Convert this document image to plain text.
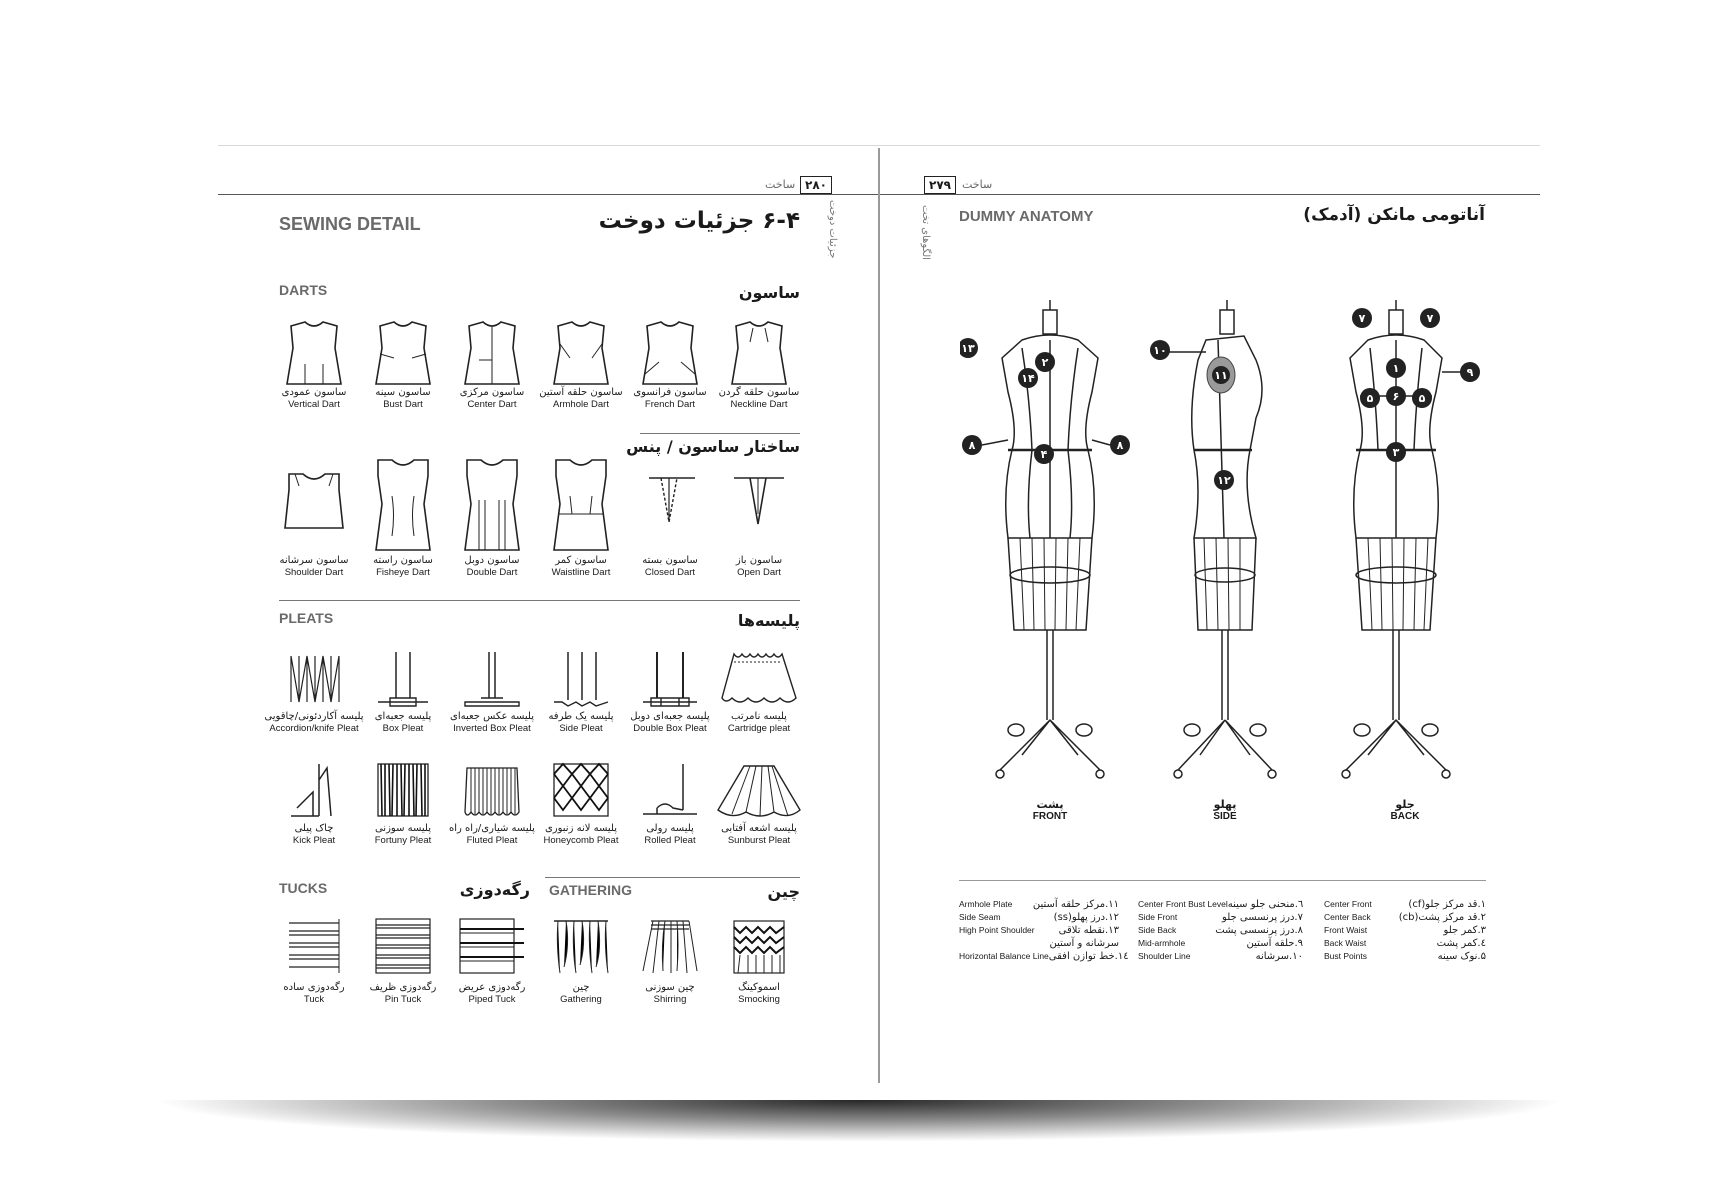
ساخت ۲۸۰
جزئیات دوخت
SEWING DETAIL	۶-۴ جزئیات دوخت
DARTS	ساسون
ساسون عمودی
Vertical Dart
ساسون سینه
Bust Dart
ساسون مرکزی
Center Dart
ساسون حلقه آستین
Armhole Dart
ساسون فرانسوی
French Dart
ساسون حلقه گردن
Neckline Dart
ساختار ساسون / پنس
ساسون سرشانه
Shoulder Dart
ساسون راسته
Fisheye Dart
ساسون دوبل
Double Dart
ساسون کمر
Waistline Dart
ساسون بسته
Closed Dart
ساسون باز
Open Dart
PLEATS	پلیسه‌ها
پلیسه آکاردئونی/چاقویی
Accordion/knife Pleat
پلیسه جعبه‌ای
Box Pleat
پلیسه عکس جعبه‌ای
Inverted Box Pleat
پلیسه یک طرفه
Side Pleat
پلیسه جعبه‌ای دوبل
Double Box Pleat
پلیسه نامرتب
Cartridge pleat
چاک پیلی
Kick Pleat
پلیسه سوزنی
Fortuny Pleat
پلیسه شیاری/راه راه
Fluted Pleat
پلیسه لانه زنبوری
Honeycomb Pleat
پلیسه رولی
Rolled Pleat
پلیسه اشعه آفتابی
Sunburst Pleat
TUCKS	رگه‌دوزی GATHERING	چین
رگه‌دوزی ساده
Tuck
رگه‌دوزی ظریف
Pin Tuck
رگه‌دوزی عریض
Piped Tuck
چین
Gathering
چین سوزنی
Shirring
اسموکینگ
Smocking
۲۷۹	ساخت
الگوهای تخت DUMMY ANATOMY	آناتومی مانکن (آدمک)
۱۳
۲
۱۴
۸
۴
۸
۱۰
۱۱
۱۲
۷	۷
۹
۱
۵ ۶ ۵
۳
پشت
FRONT
پهلو
SIDE
جلو
BACK
Armhole Plate ۱۱.مرکز حلقه آستین
Side Seam	۱۲.درز پهلو(ss)
High Point Shoulder ۱۳.نقطه تلاقی
سرشانه و آستین
Horizontal Balance Line ۱٤.خط توازن افقی
Center Front Bust Level ٦.منحنی جلو سینه
Side Front	۷.درز پرنسسی جلو
Side Back	۸.درز پرنسسی پشت
Mid-armhole	۹.حلقه آستین
Shoulder Line	۱۰.سرشانه
Center Front	۱.قد مرکز جلو(cf)
Center Back	۲.قد مرکز پشت(cb)
Front Waist	۳.کمر جلو
Back Waist	٤.کمر پشت
Bust Points	۵.نوک سینه
